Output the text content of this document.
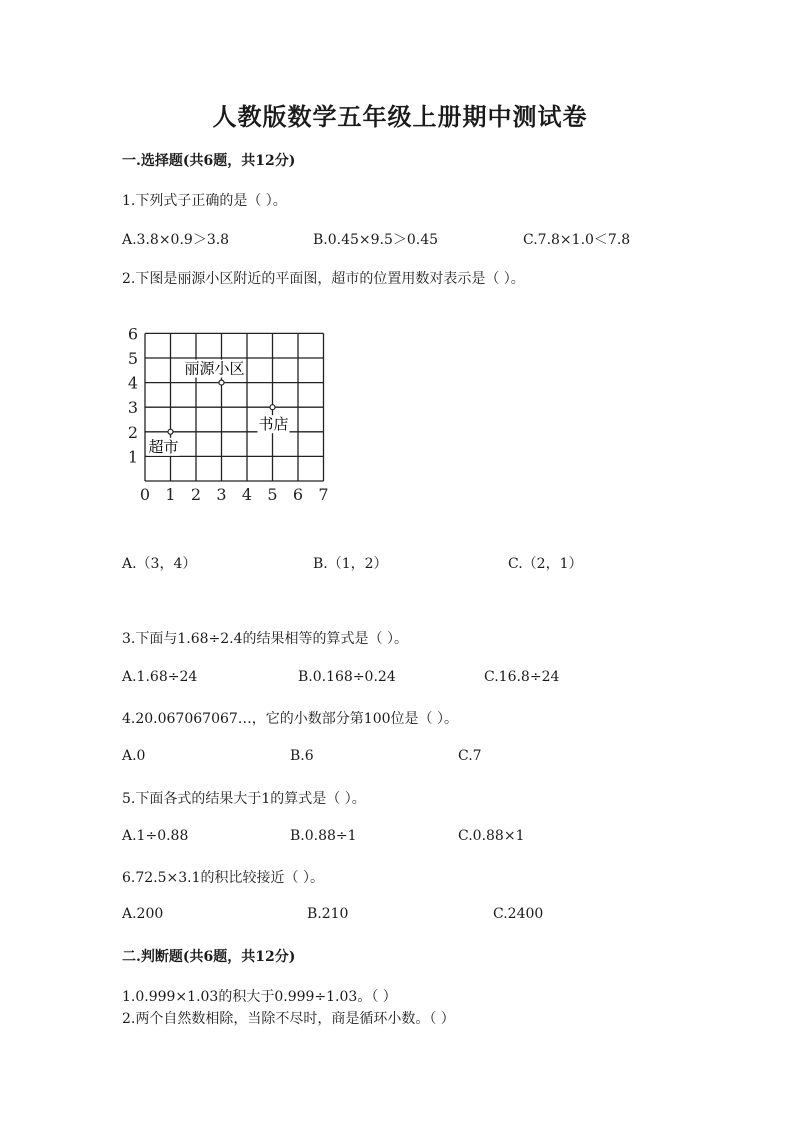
人教版数学五年级上册期中测试卷
一.选择题(共6题，共12分)
1.下列式子正确的是（ ）。
A.3.8×0.9＞3.8	B.0.45×9.5＞0.45	C.7.8×1.0＜7.8
2.下图是丽源小区附近的平面图，超市的位置用数对表示是（ ）。
0 1 2 3 4 5 6 7
1
2
3
4
5
6
丽源小区
超市
书店
A.（3，4）	B.（1，2）	C.（2，1）
3.下面与1.68÷2.4的结果相等的算式是（ ）。
A.1.68÷24	B.0.168÷0.24	C.16.8÷24
4.20.067067067…，它的小数部分第100位是（ ）。
A.0	B.6	C.7
5.下面各式的结果大于1的算式是（ ）。
A.1÷0.88	B.0.88÷1	C.0.88×1
6.72.5×3.1的积比较接近（ ）。
A.200	B.210	C.2400
二.判断题(共6题，共12分)
1.0.999×1.03的积大于0.999÷1.03。（ ）
2.两个自然数相除，当除不尽时，商是循环小数。（ ）
